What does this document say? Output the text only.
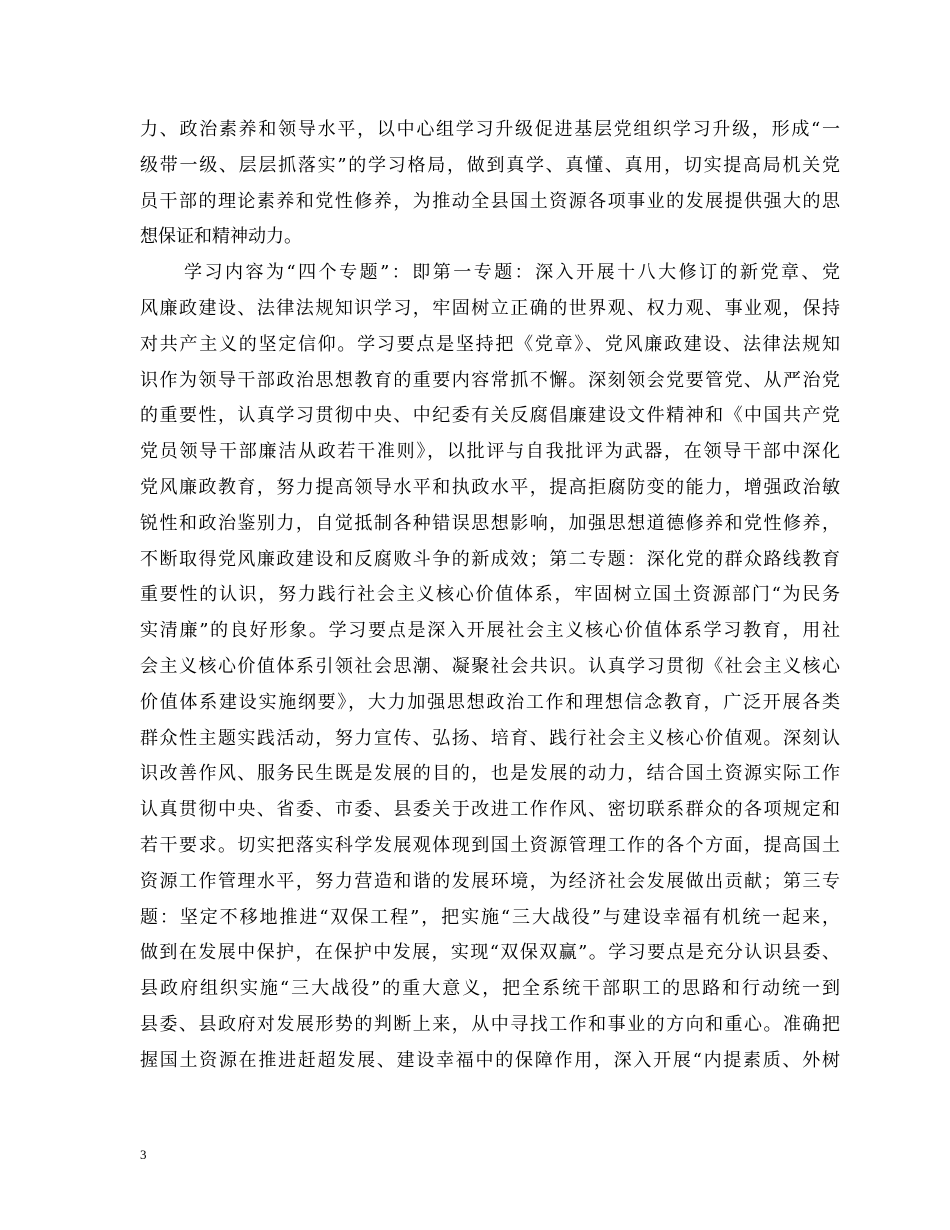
力、政治素养和领导水平，以中心组学习升级促进基层党组织学习升级，形成“一
级带一级、层层抓落实”的学习格局，做到真学、真懂、真用，切实提高局机关党
员干部的理论素养和党性修养，为推动全县国土资源各项事业的发展提供强大的思
想保证和精神动力。
学习内容为“四个专题”：即第一专题：深入开展十八大修订的新党章、党
风廉政建设、法律法规知识学习，牢固树立正确的世界观、权力观、事业观，保持
对共产主义的坚定信仰。学习要点是坚持把《党章》、党风廉政建设、法律法规知
识作为领导干部政治思想教育的重要内容常抓不懈。深刻领会党要管党、从严治党
的重要性，认真学习贯彻中央、中纪委有关反腐倡廉建设文件精神和《中国共产党
党员领导干部廉洁从政若干准则》，以批评与自我批评为武器，在领导干部中深化
党风廉政教育，努力提高领导水平和执政水平，提高拒腐防变的能力，增强政治敏
锐性和政治鉴别力，自觉抵制各种错误思想影响，加强思想道德修养和党性修养，
不断取得党风廉政建设和反腐败斗争的新成效；第二专题：深化党的群众路线教育
重要性的认识，努力践行社会主义核心价值体系，牢固树立国土资源部门“为民务
实清廉”的良好形象。学习要点是深入开展社会主义核心价值体系学习教育，用社
会主义核心价值体系引领社会思潮、凝聚社会共识。认真学习贯彻《社会主义核心
价值体系建设实施纲要》，大力加强思想政治工作和理想信念教育，广泛开展各类
群众性主题实践活动，努力宣传、弘扬、培育、践行社会主义核心价值观。深刻认
识改善作风、服务民生既是发展的目的，也是发展的动力，结合国土资源实际工作
认真贯彻中央、省委、市委、县委关于改进工作作风、密切联系群众的各项规定和
若干要求。切实把落实科学发展观体现到国土资源管理工作的各个方面，提高国土
资源工作管理水平，努力营造和谐的发展环境，为经济社会发展做出贡献；第三专
题：坚定不移地推进“双保工程”，把实施“三大战役”与建设幸福有机统一起来，
做到在发展中保护，在保护中发展，实现“双保双赢”。学习要点是充分认识县委、
县政府组织实施“三大战役”的重大意义，把全系统干部职工的思路和行动统一到
县委、县政府对发展形势的判断上来，从中寻找工作和事业的方向和重心。准确把
握国土资源在推进赶超发展、建设幸福中的保障作用，深入开展“内提素质、外树
3
